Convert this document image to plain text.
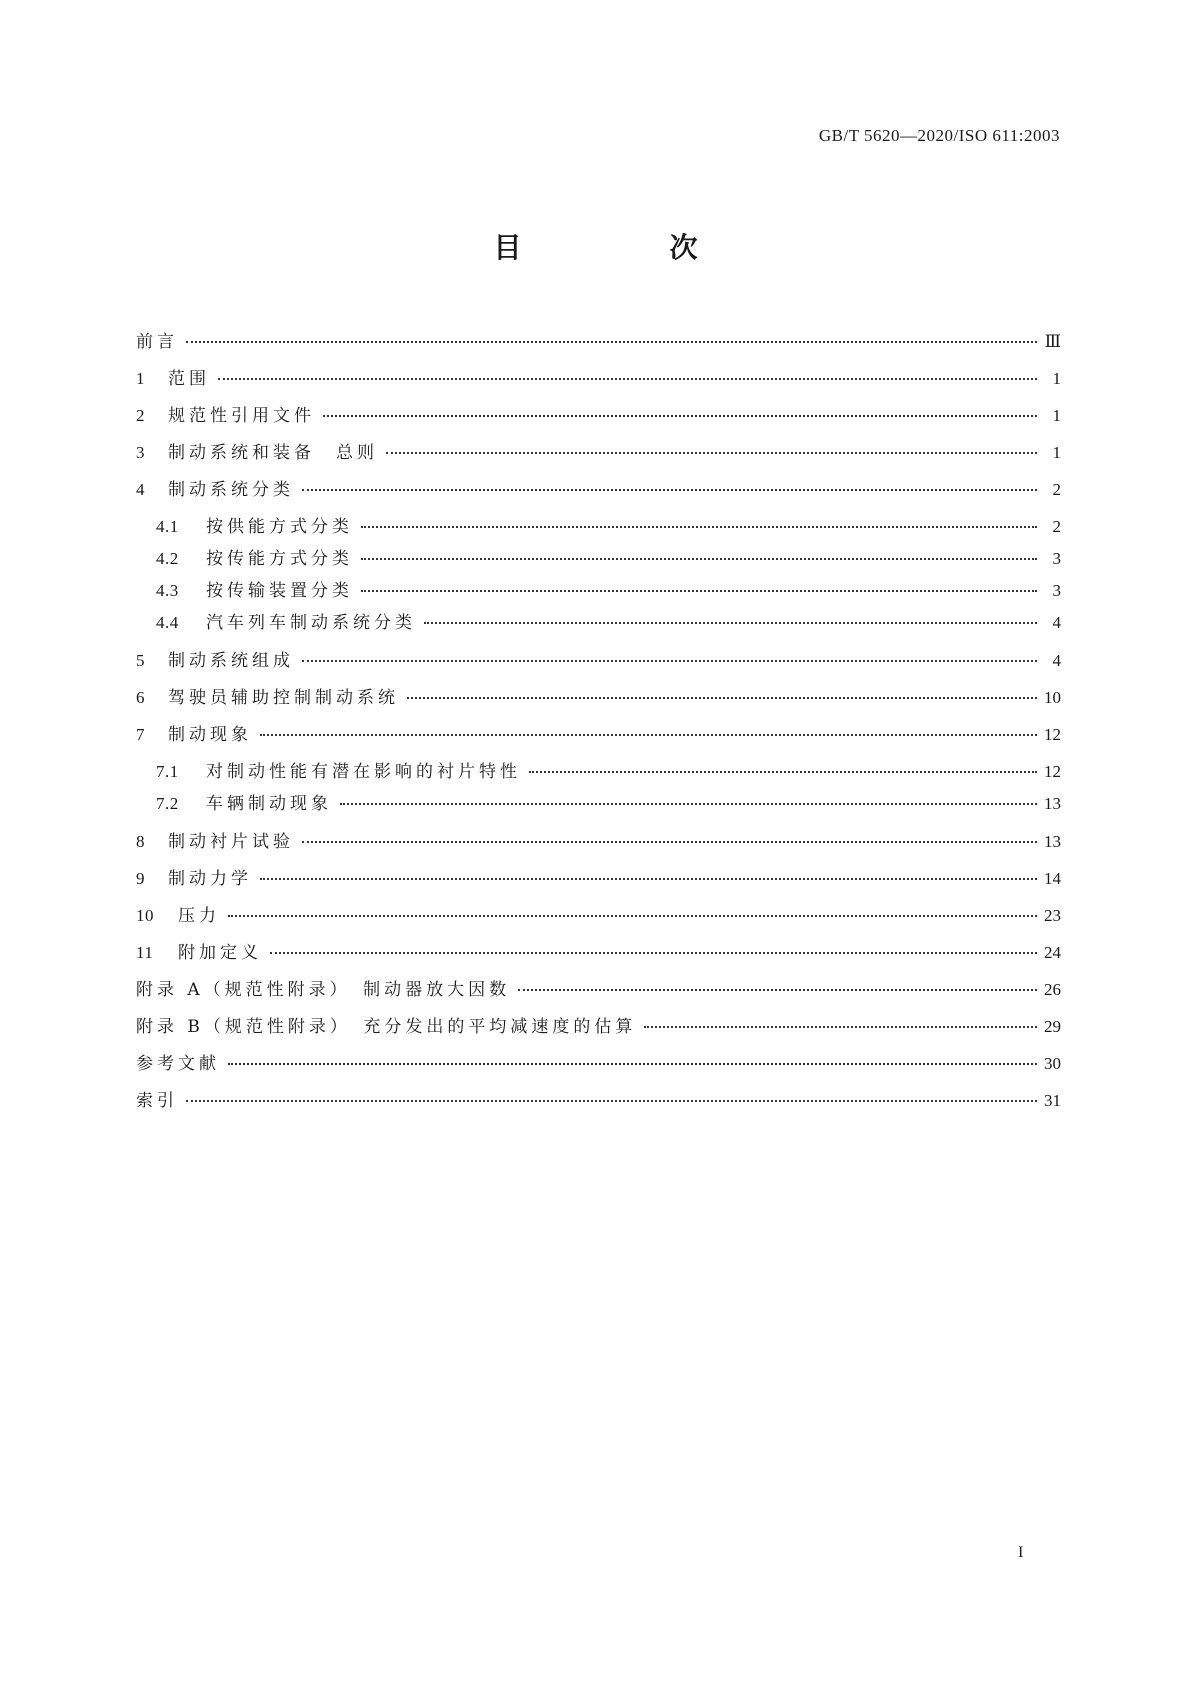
GB/T 5620—2020/ISO 611:2003
目　次
前言	Ⅲ
1	范围	1
2	规范性引用文件	1
3	制动系统和装备　总则	1
4	制动系统分类	2
4.1	按供能方式分类	2
4.2	按传能方式分类	3
4.3	按传输装置分类	3
4.4	汽车列车制动系统分类	4
5	制动系统组成	4
6	驾驶员辅助控制制动系统	10
7	制动现象	12
7.1	对制动性能有潜在影响的衬片特性	12
7.2	车辆制动现象	13
8	制动衬片试验	13
9	制动力学	14
10	压力	23
11	附加定义	24
附录 A（规范性附录）　制动器放大因数	26
附录 B（规范性附录）　充分发出的平均减速度的估算	29
参考文献	30
索引	31
I
